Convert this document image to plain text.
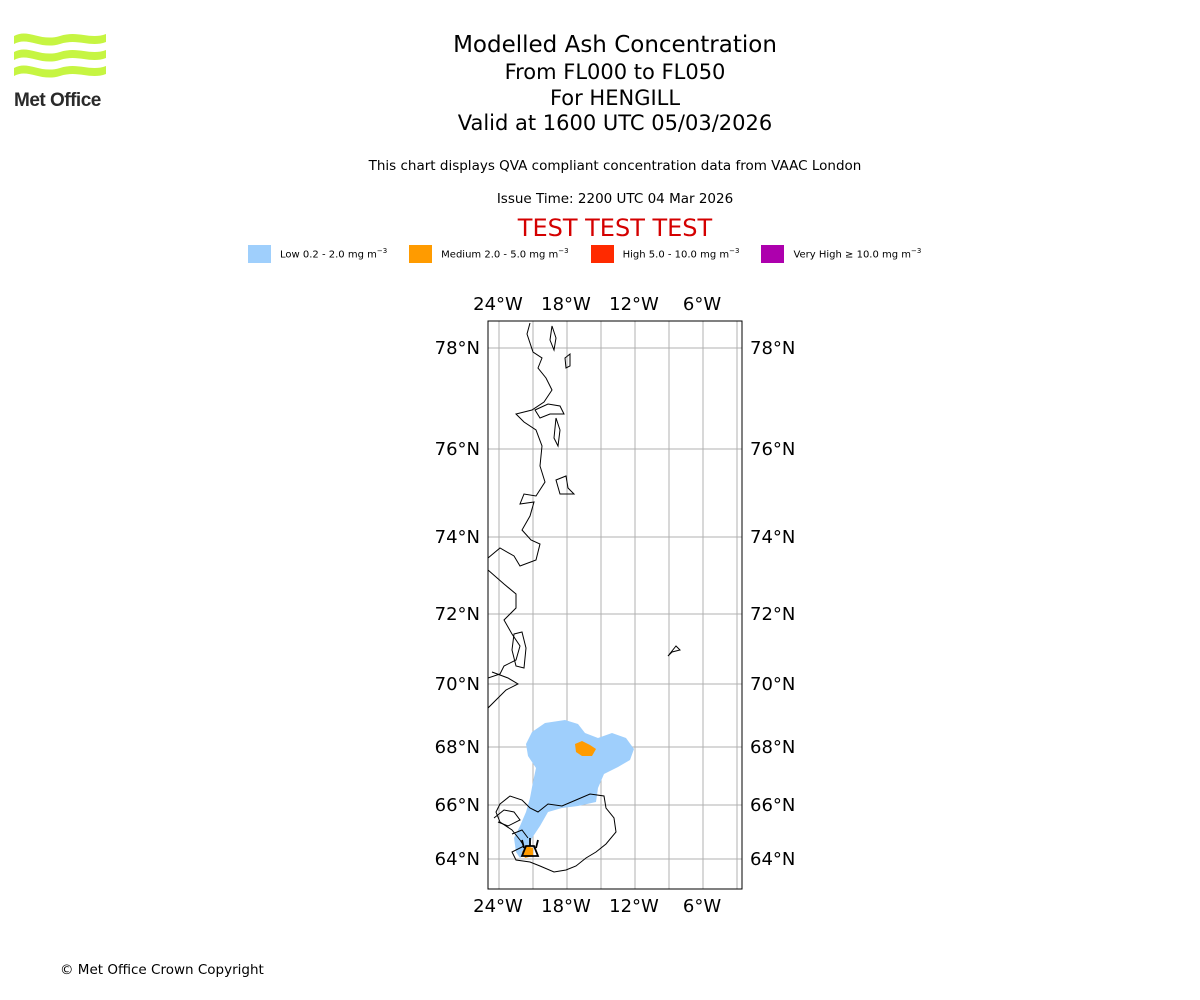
Met Office
Modelled Ash Concentration
From FL000 to FL050
For HENGILL
Valid at 1600 UTC 05/03/2026
This chart displays QVA compliant concentration data from VAAC London
Issue Time: 2200 UTC 04 Mar 2026
TEST TEST TEST
Low 0.2 - 2.0 mg $m^{-3}$	Medium 2.0 - 5.0 mg $m^{-3}$	High 5.0 - 10.0 mg $m^{-3}$	Very High ≥ 10.0 mg $m^{-3}$
24°W 18°W 12°W 6°W
24°W 18°W 12°W 6°W
78°N
76°N
74°N
72°N
70°N
68°N
66°N
64°N
78°N
76°N
74°N
72°N
70°N
68°N
66°N
64°N
© Met Office Crown Copyright
